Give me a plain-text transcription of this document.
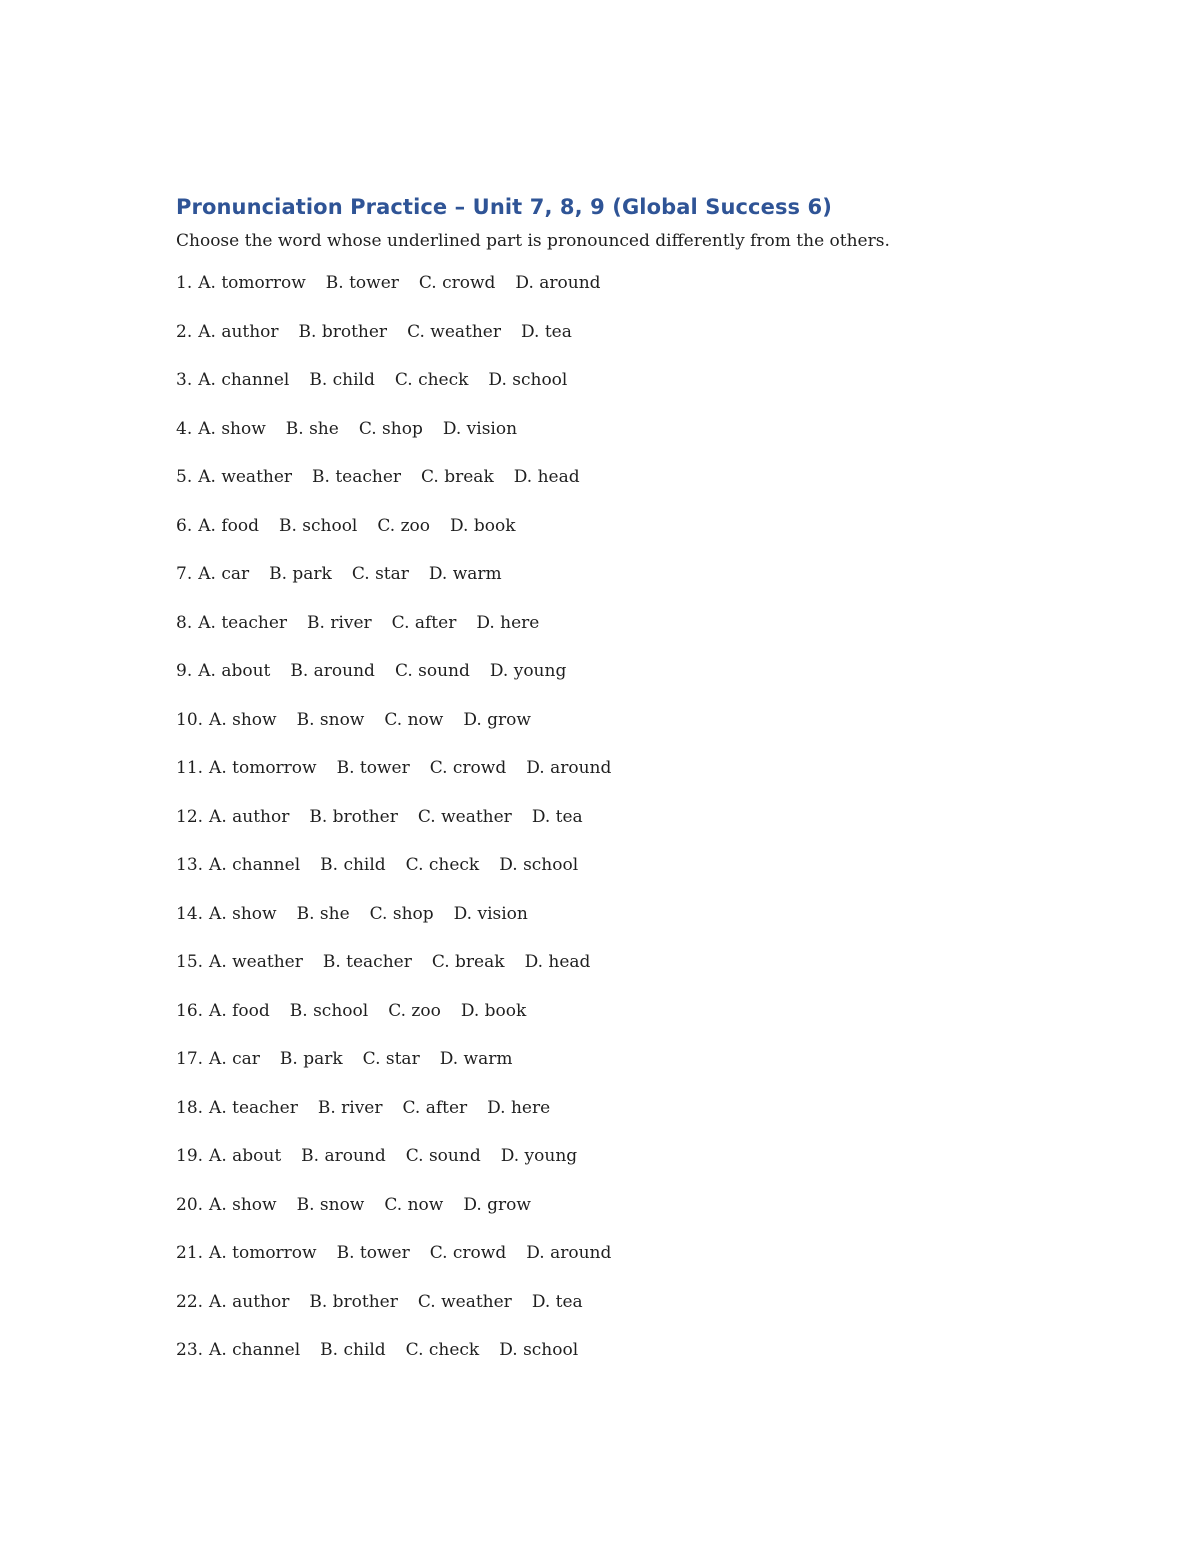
Pronunciation Practice – Unit 7, 8, 9 (Global Success 6)

Choose the word whose underlined part is pronounced differently from the others.

1. A. tomorrow B. tower C. crowd D. around
2. A. author B. brother C. weather D. tea
3. A. channel B. child C. check D. school
4. A. show B. she C. shop D. vision
5. A. weather B. teacher C. break D. head
6. A. food B. school C. zoo D. book
7. A. car B. park C. star D. warm
8. A. teacher B. river C. after D. here
9. A. about B. around C. sound D. young
10. A. show B. snow C. now D. grow
11. A. tomorrow B. tower C. crowd D. around
12. A. author B. brother C. weather D. tea
13. A. channel B. child C. check D. school
14. A. show B. she C. shop D. vision
15. A. weather B. teacher C. break D. head
16. A. food B. school C. zoo D. book
17. A. car B. park C. star D. warm
18. A. teacher B. river C. after D. here
19. A. about B. around C. sound D. young
20. A. show B. snow C. now D. grow
21. A. tomorrow B. tower C. crowd D. around
22. A. author B. brother C. weather D. tea
23. A. channel B. child C. check D. school
